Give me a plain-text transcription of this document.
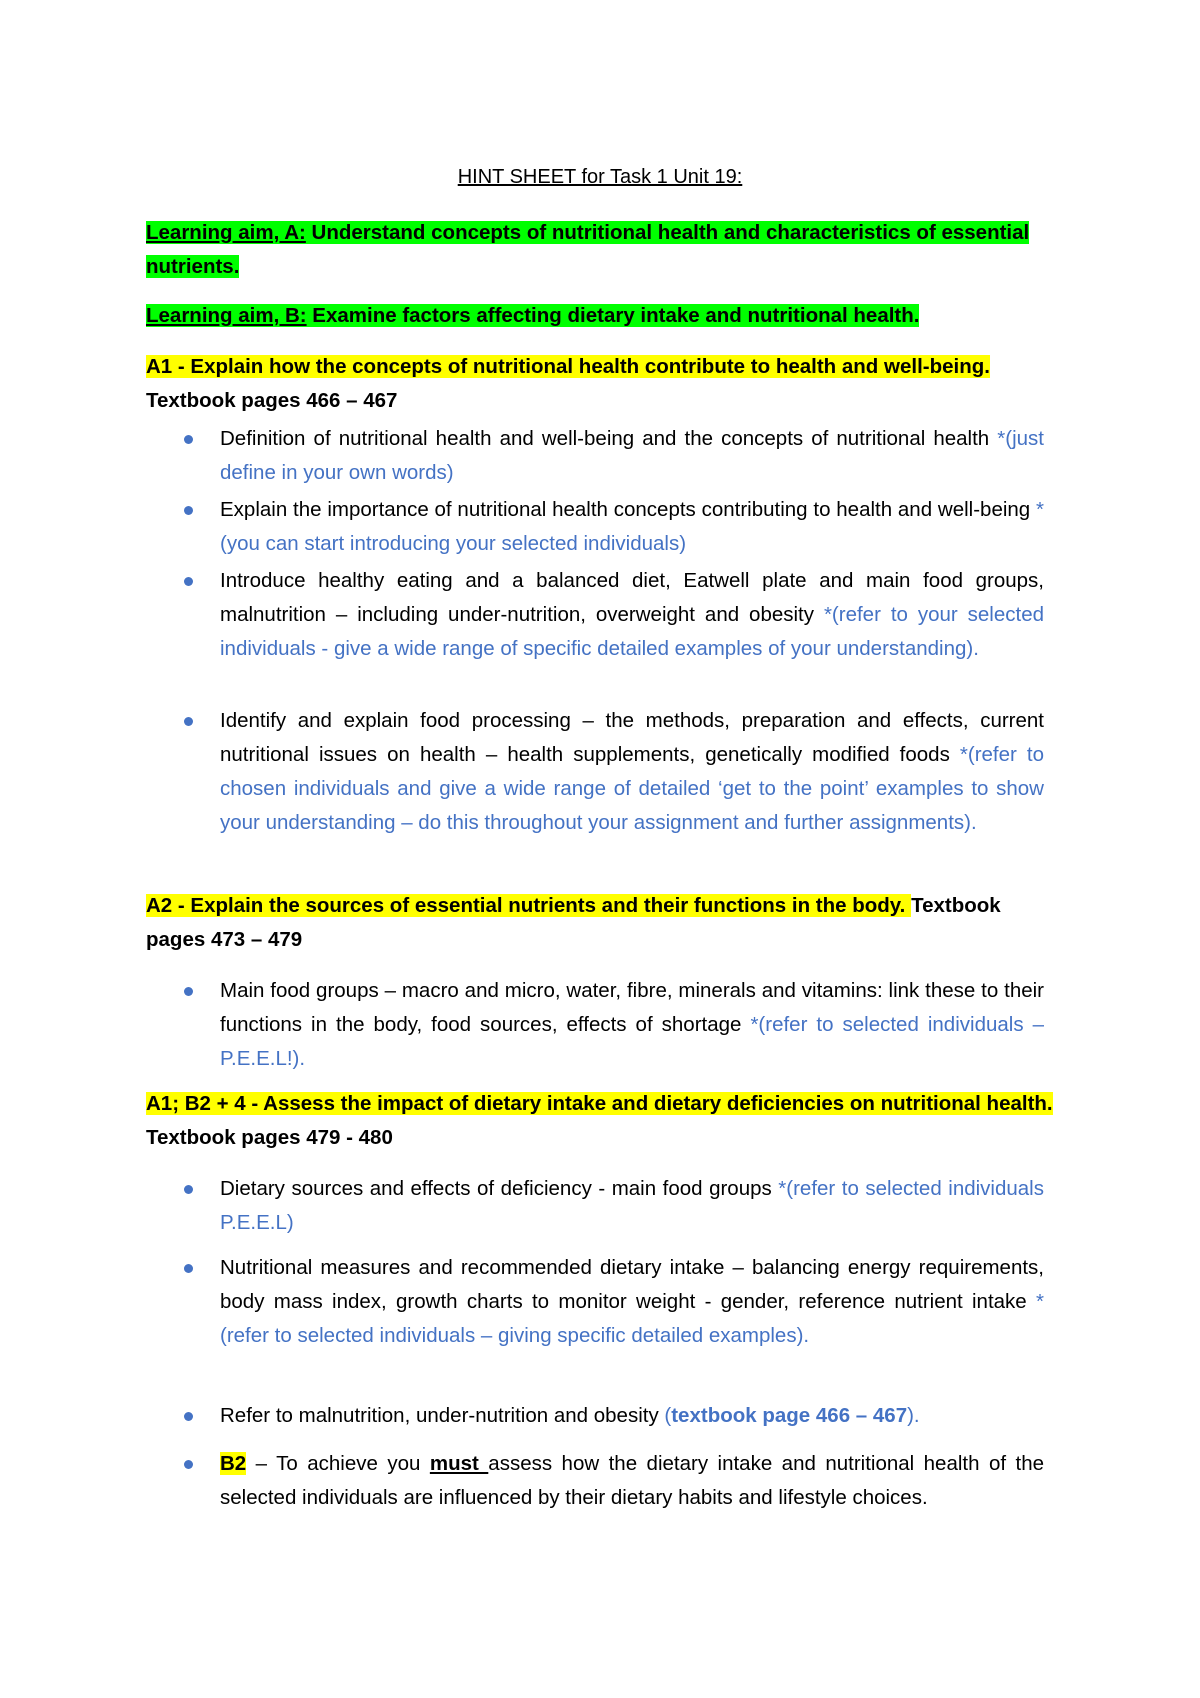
HINT SHEET for Task 1 Unit 19:
Learning aim, A: Understand concepts of nutritional health and characteristics of essential nutrients.
Learning aim, B: Examine factors affecting dietary intake and nutritional health.
A1 - Explain how the concepts of nutritional health contribute to health and well-being.
Textbook pages 466 – 467
Definition of nutritional health and well-being and the concepts of nutritional health *(just define in your own words)
Explain the importance of nutritional health concepts contributing to health and well-being *(you can start introducing your selected individuals)
Introduce healthy eating and a balanced diet, Eatwell plate and main food groups, malnutrition – including under-nutrition, overweight and obesity *(refer to your selected individuals - give a wide range of specific detailed examples of your understanding).
Identify and explain food processing – the methods, preparation and effects, current nutritional issues on health – health supplements, genetically modified foods *(refer to chosen individuals and give a wide range of detailed ‘get to the point’ examples to show your understanding – do this throughout your assignment and further assignments).
A2 - Explain the sources of essential nutrients and their functions in the body. Textbook pages 473 – 479
Main food groups – macro and micro, water, fibre, minerals and vitamins: link these to their functions in the body, food sources, effects of shortage *(refer to selected individuals – P.E.E.L!).
A1; B2 + 4 - Assess the impact of dietary intake and dietary deficiencies on nutritional health. Textbook pages 479 - 480
Dietary sources and effects of deficiency - main food groups *(refer to selected individuals P.E.E.L)
Nutritional measures and recommended dietary intake – balancing energy requirements, body mass index, growth charts to monitor weight - gender, reference nutrient intake *(refer to selected individuals – giving specific detailed examples).
Refer to malnutrition, under-nutrition and obesity (textbook page 466 – 467).
B2 – To achieve you must assess how the dietary intake and nutritional health of the selected individuals are influenced by their dietary habits and lifestyle choices.
